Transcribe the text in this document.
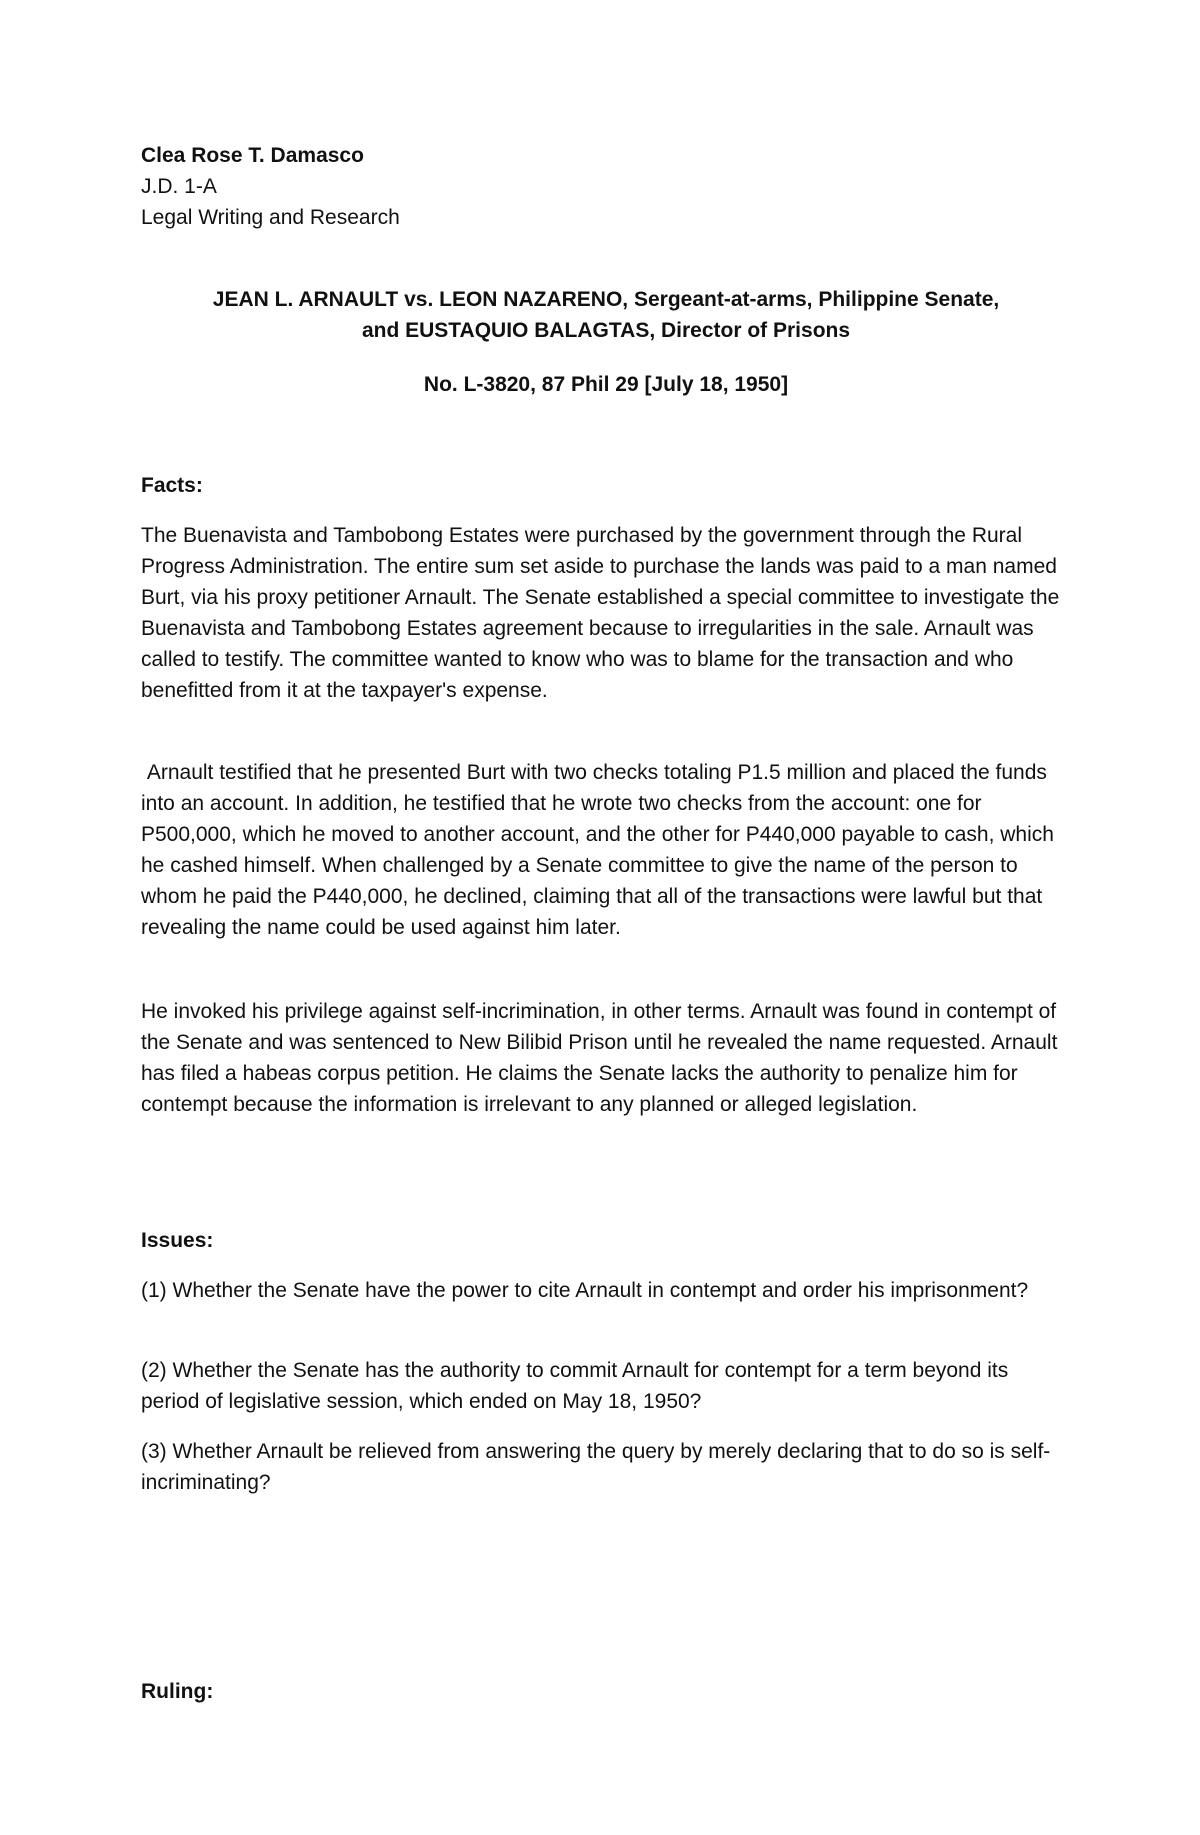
Clea Rose T. Damasco
J.D. 1-A
Legal Writing and Research
JEAN L. ARNAULT vs. LEON NAZARENO, Sergeant-at-arms, Philippine Senate,
and EUSTAQUIO BALAGTAS, Director of Prisons
No. L-3820, 87 Phil 29 [July 18, 1950]
Facts:

The Buenavista and Tambobong Estates were purchased by the government through the Rural Progress Administration. The entire sum set aside to purchase the lands was paid to a man named Burt, via his proxy petitioner Arnault. The Senate established a special committee to investigate the Buenavista and Tambobong Estates agreement because to irregularities in the sale. Arnault was called to testify. The committee wanted to know who was to blame for the transaction and who benefitted from it at the taxpayer's expense.

Arnault testified that he presented Burt with two checks totaling P1.5 million and placed the funds into an account. In addition, he testified that he wrote two checks from the account: one for P500,000, which he moved to another account, and the other for P440,000 payable to cash, which he cashed himself. When challenged by a Senate committee to give the name of the person to whom he paid the P440,000, he declined, claiming that all of the transactions were lawful but that revealing the name could be used against him later.

He invoked his privilege against self-incrimination, in other terms. Arnault was found in contempt of the Senate and was sentenced to New Bilibid Prison until he revealed the name requested. Arnault has filed a habeas corpus petition. He claims the Senate lacks the authority to penalize him for contempt because the information is irrelevant to any planned or alleged legislation.

Issues:

(1) Whether the Senate have the power to cite Arnault in contempt and order his imprisonment?

(2) Whether the Senate has the authority to commit Arnault for contempt for a term beyond its period of legislative session, which ended on May 18, 1950?

(3) Whether Arnault be relieved from answering the query by merely declaring that to do so is self-incriminating?

Ruling:
